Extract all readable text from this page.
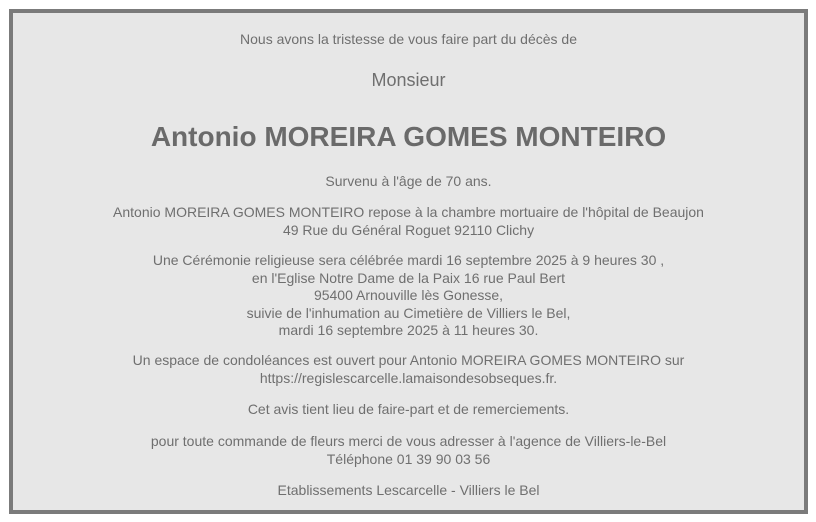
Nous avons la tristesse de vous faire part du décès de
Monsieur
Antonio MOREIRA GOMES MONTEIRO
Survenu à l'âge de 70 ans.
Antonio MOREIRA GOMES MONTEIRO repose à la chambre mortuaire de l'hôpital de Beaujon
49 Rue du Général Roguet 92110 Clichy
Une Cérémonie religieuse sera célébrée mardi 16 septembre 2025 à 9 heures 30 ,
en l'Eglise Notre Dame de la Paix 16 rue Paul Bert
95400 Arnouville lès Gonesse,
suivie de l'inhumation au Cimetière de Villiers le Bel,
mardi 16 septembre 2025 à 11 heures 30.
Un espace de condoléances est ouvert pour Antonio MOREIRA GOMES MONTEIRO sur
https://regislescarcelle.lamaisondesobseques.fr.
Cet avis tient lieu de faire-part et de remerciements.
pour toute commande de fleurs merci de vous adresser à l'agence de Villiers-le-Bel
Téléphone 01 39 90 03 56
Etablissements Lescarcelle - Villiers le Bel
